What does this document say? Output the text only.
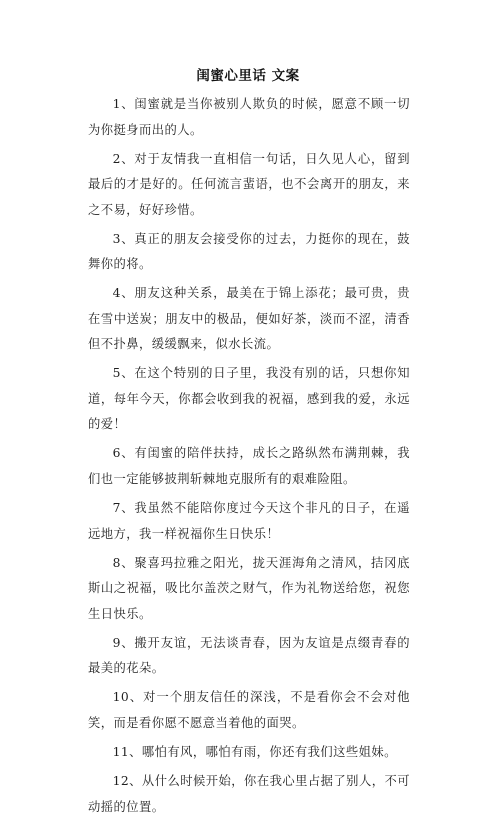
闺蜜心里话 文案

1、闺蜜就是当你被别人欺负的时候，愿意不顾一切为你挺身而出的人。

2、对于友情我一直相信一句话，日久见人心，留到最后的才是好的。任何流言蜚语，也不会离开的朋友，来之不易，好好珍惜。

3、真正的朋友会接受你的过去，力挺你的现在，鼓舞你的将。

4、朋友这种关系，最美在于锦上添花；最可贵，贵在雪中送炭；朋友中的极品，便如好茶，淡而不涩，清香但不扑鼻，缓缓飘来，似水长流。

5、在这个特别的日子里，我没有别的话，只想你知道，每年今天，你都会收到我的祝福，感到我的爱，永远的爱！

6、有闺蜜的陪伴扶持，成长之路纵然布满荆棘，我们也一定能够披荆斩棘地克服所有的艰难险阻。

7、我虽然不能陪你度过今天这个非凡的日子，在遥远地方，我一样祝福你生日快乐！

8、聚喜玛拉雅之阳光，拢天涯海角之清风，拮冈底斯山之祝福，吸比尔盖茨之财气，作为礼物送给您，祝您生日快乐。

9、搬开友谊，无法谈青春，因为友谊是点缀青春的最美的花朵。

10、对一个朋友信任的深浅，不是看你会不会对他笑，而是看你愿不愿意当着他的面哭。

11、哪怕有风，哪怕有雨，你还有我们这些姐妹。

12、从什么时候开始，你在我心里占据了别人，不可动摇的位置。
